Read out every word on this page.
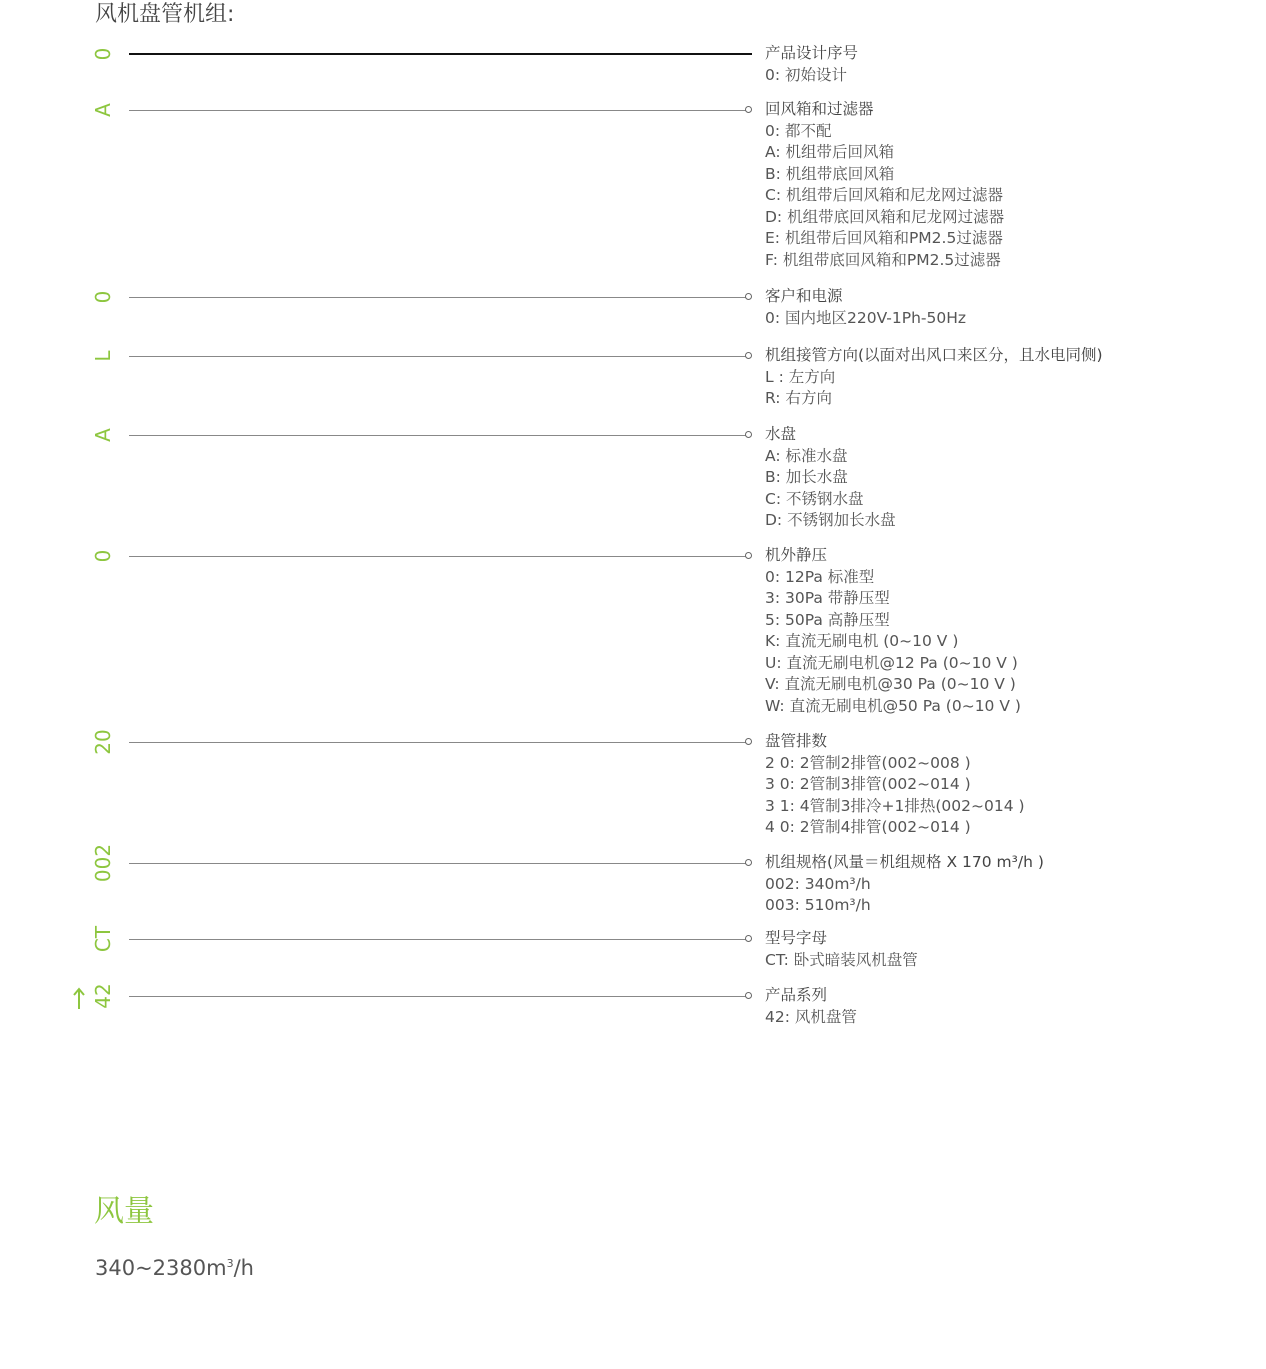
风机盘管机组:
0	产品设计序号
0: 初始设计
A	回风箱和过滤器
0: 都不配
A: 机组带后回风箱
B: 机组带底回风箱
C: 机组带后回风箱和尼龙网过滤器
D: 机组带底回风箱和尼龙网过滤器
E: 机组带后回风箱和PM2.5过滤器
F: 机组带底回风箱和PM2.5过滤器
0	客户和电源
0: 国内地区220V-1Ph-50Hz
L	机组接管方向(以面对出风口来区分，且水电同侧)
L : 左方向
R: 右方向
A	水盘
A: 标准水盘
B: 加长水盘
C: 不锈钢水盘
D: 不锈钢加长水盘
0	机外静压
0: 12Pa 标准型
3: 30Pa 带静压型
5: 50Pa 高静压型
K: 直流无刷电机 (0~10 V )
U: 直流无刷电机@12 Pa (0~10 V )
V: 直流无刷电机@30 Pa (0~10 V )
W: 直流无刷电机@50 Pa (0~10 V )
20	盘管排数
2 0: 2管制2排管(002~008 )
3 0: 2管制3排管(002~014 )
3 1: 4管制3排冷+1排热(002~014 )
4 0: 2管制4排管(002~014 )
002	机组规格(风量＝机组规格 X 170 m³/h )
002: 340m³/h
003: 510m³/h
CT	型号字母
CT: 卧式暗装风机盘管
42	产品系列
42: 风机盘管
风量
$340\sim 2380m^3/h$
